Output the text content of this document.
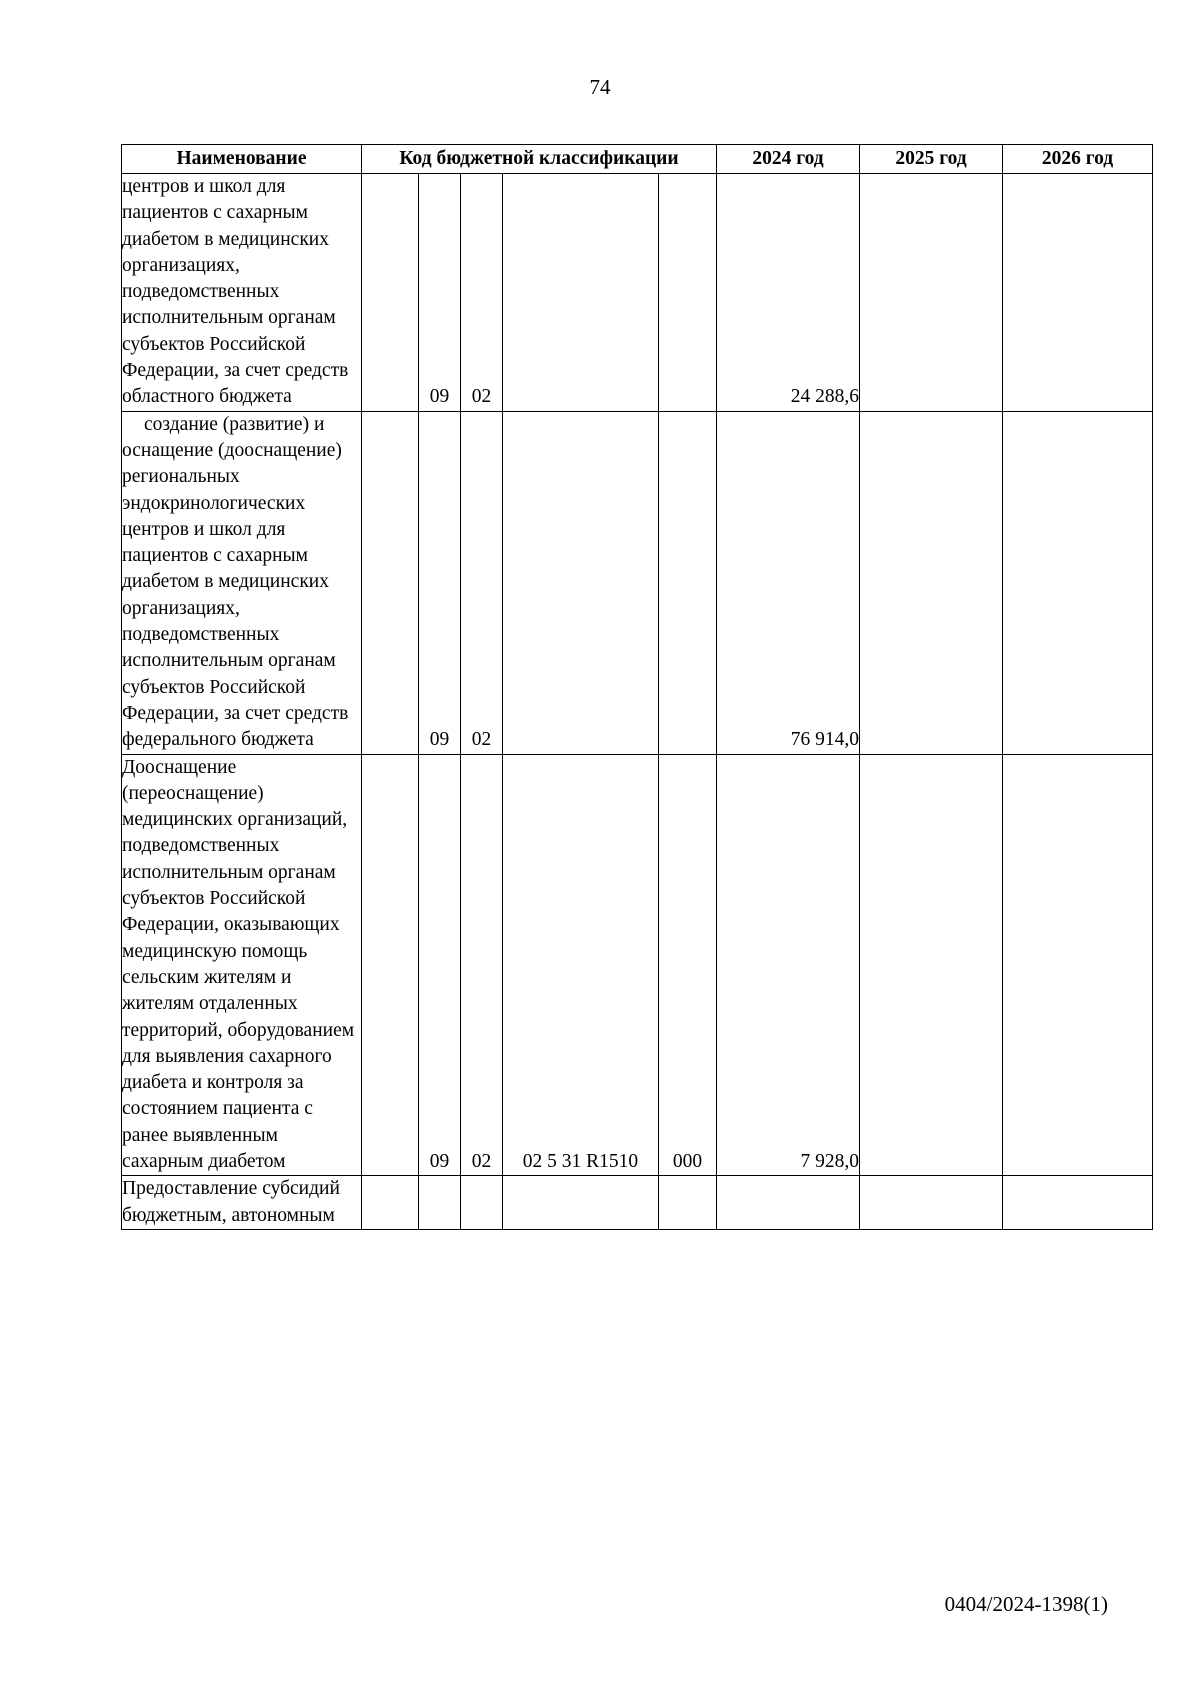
74
Наименование	Код бюджетной классификации					2024 год	2025 год	2026 год
центров и школ для пациентов с сахарным диабетом в медицинских организациях, подведомственных исполнительным органам субъектов Российской Федерации, за счет средств областного бюджета		09	02			24 288,6		
создание (развитие) и оснащение (дооснащение) региональных эндокринологических центров и школ для пациентов с сахарным диабетом в медицинских организациях, подведомственных исполнительным органам субъектов Российской Федерации, за счет средств федерального бюджета		09	02			76 914,0		
Дооснащение (переоснащение) медицинских организаций, подведомственных исполнительным органам субъектов Российской Федерации, оказывающих медицинскую помощь сельским жителям и жителям отдаленных территорий, оборудованием для выявления сахарного диабета и контроля за состоянием пациента с ранее выявленным сахарным диабетом		09	02	02 5 31 R1510	000	7 928,0		
Предоставление субсидий бюджетным, автономным								
0404/2024-1398(1)
